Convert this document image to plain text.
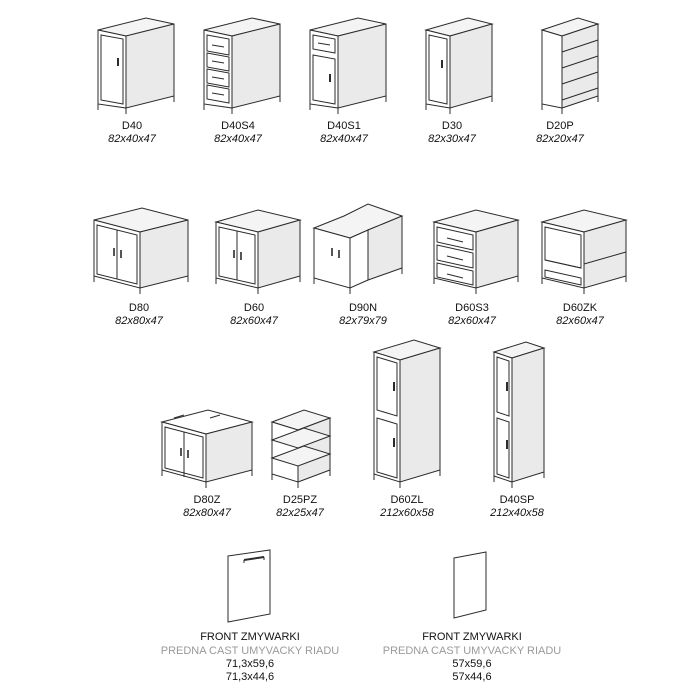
D40
82x40x47
D40S4
82x40x47
D40S1
82x40x47
D30
82x30x47
D20P
82x20x47
D80
82x80x47
D60
82x60x47
D90N
82x79x79
D60S3
82x60x47
D60ZK
82x60x47
D80Z
82x80x47
D25PZ
82x25x47
D60ZL
212x60x58
D40SP
212x40x58
FRONT ZMYWARKI
PREDNA CAST UMYVACKY RIADU
71,3x59,6
71,3x44,6
FRONT ZMYWARKI
PREDNA CAST UMYVACKY RIADU
57x59,6
57x44,6
